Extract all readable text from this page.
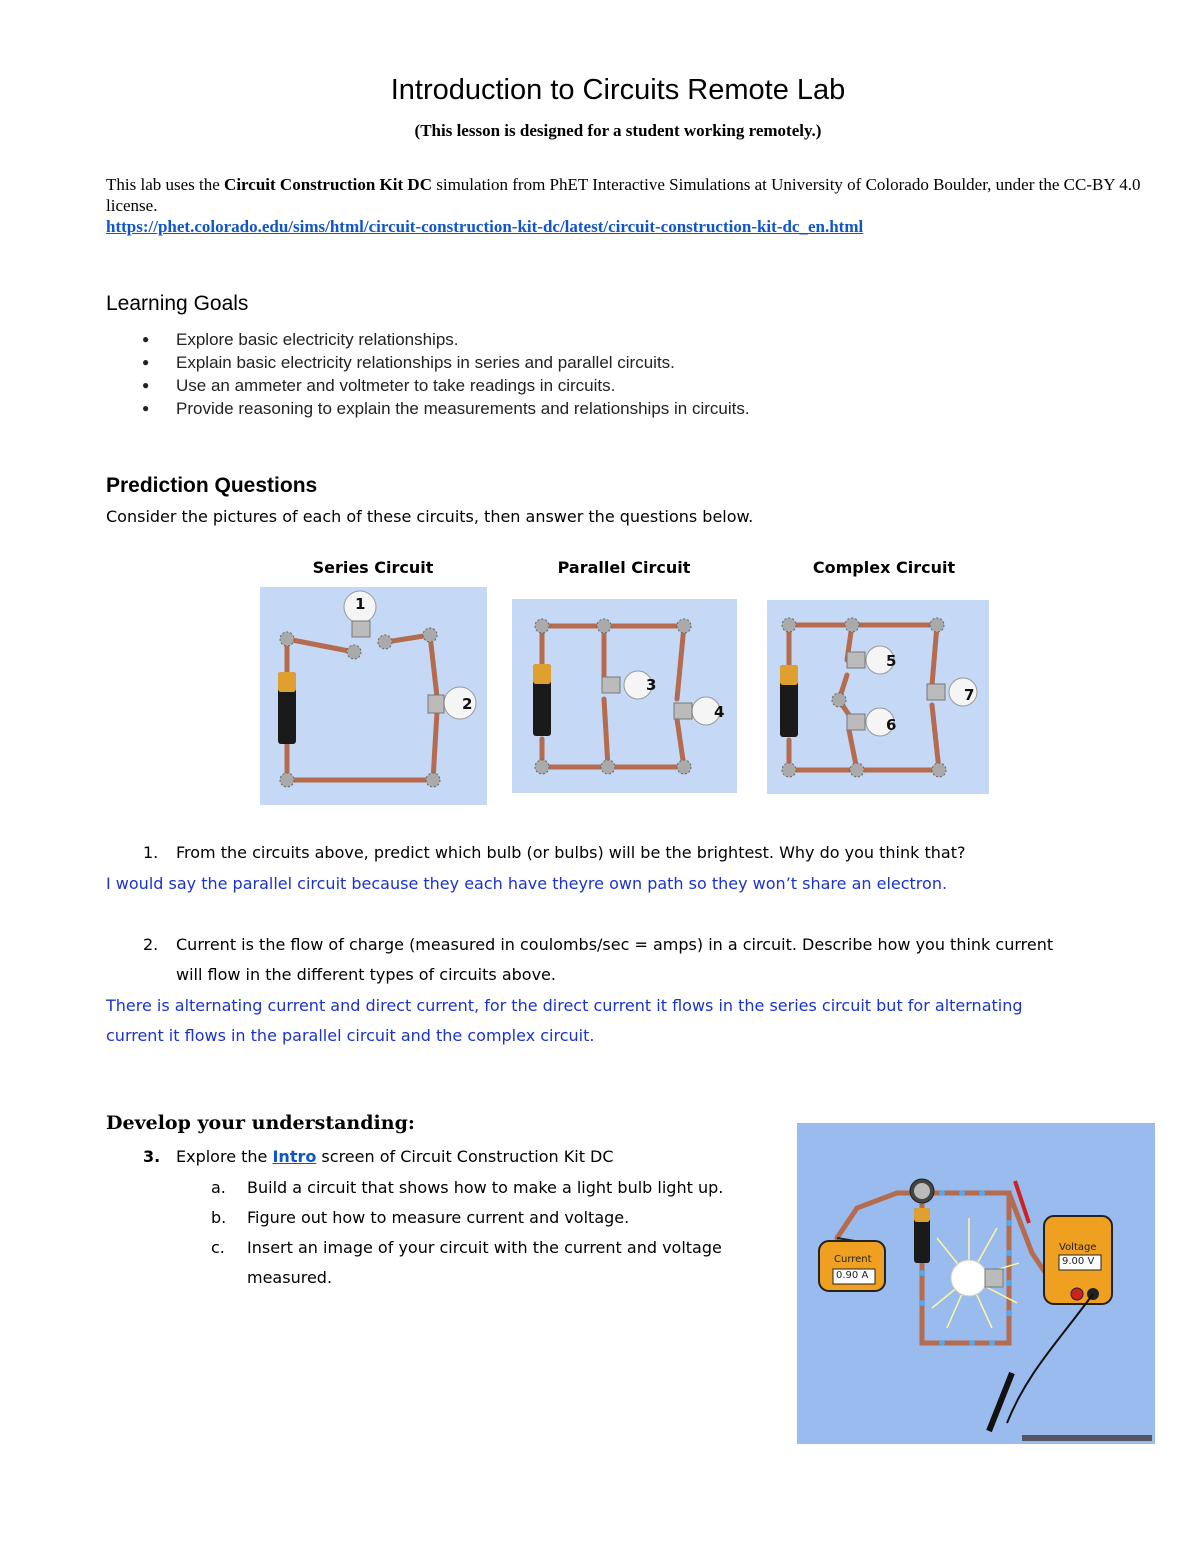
Introduction to Circuits Remote Lab
(This lesson is designed for a student working remotely.)
This lab uses the Circuit Construction Kit DC simulation from PhET Interactive Simulations at University of Colorado Boulder, under the CC-BY 4.0 license.
https://phet.colorado.edu/sims/html/circuit-construction-kit-dc/latest/circuit-construction-kit-dc_en.html
Learning Goals
● Explore basic electricity relationships.
● Explain basic electricity relationships in series and parallel circuits.
● Use an ammeter and voltmeter to take readings in circuits.
● Provide reasoning to explain the measurements and relationships in circuits.
Prediction Questions
Consider the pictures of each of these circuits, then answer the questions below.
Series Circuit	Parallel Circuit	Complex Circuit
1
2
3
4
5
6
7
1. From the circuits above, predict which bulb (or bulbs) will be the brightest. Why do you think that?
I would say the parallel circuit because they each have theyre own path so they won’t share an electron.
2. Current is the flow of charge (measured in coulombs/sec = amps) in a circuit. Describe how you think current
will flow in the different types of circuits above.
There is alternating current and direct current, for the direct current it flows in the series circuit but for alternating
current it flows in the parallel circuit and the complex circuit.
Develop your understanding:
3. Explore the Intro screen of Circuit Construction Kit DC
a. Build a circuit that shows how to make a light bulb light up.
b. Figure out how to measure current and voltage.
c. Insert an image of your circuit with the current and voltage
measured.
Current
0.90 A
Voltage
9.00 V
